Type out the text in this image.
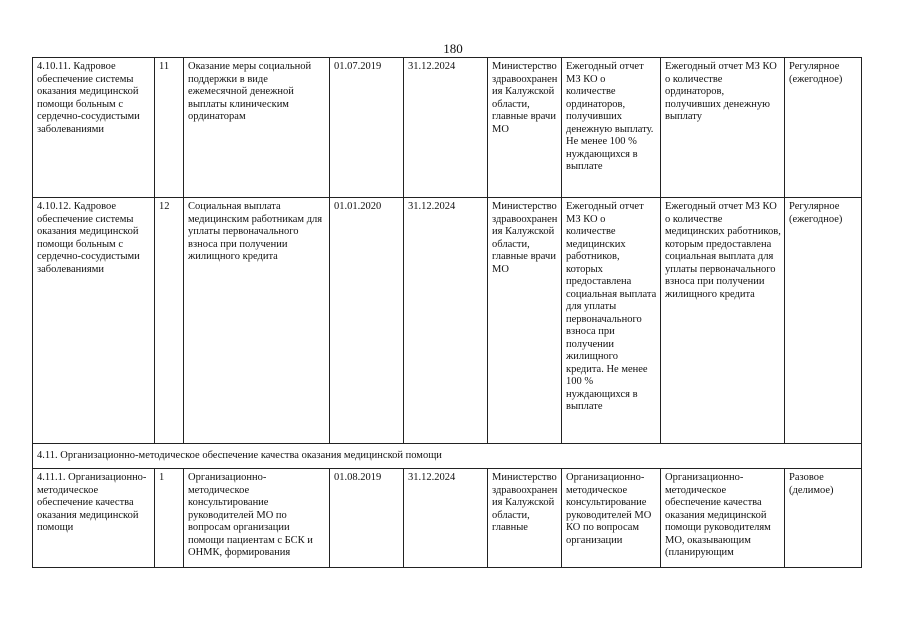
180
4.10.11. Кадровое обеспечение системы оказания медицинской помощи больным с сердечно-сосудистыми заболеваниями	11	Оказание меры социальной поддержки в виде ежемесячной денежной выплаты клиническим ординаторам	01.07.2019	31.12.2024	Министерство здравоохранения Калужской области, главные врачи МО	Ежегодный отчет МЗ КО о количестве ординаторов, получивших денежную выплату. Не менее 100 % нуждающихся в выплате	Ежегодный отчет МЗ КО о количестве ординаторов, получивших денежную выплату	Регулярное (ежегодное)
4.10.12. Кадровое обеспечение системы оказания медицинской помощи больным с сердечно-сосудистыми заболеваниями	12	Социальная выплата медицинским работникам для уплаты первоначального взноса при получении жилищного кредита	01.01.2020	31.12.2024	Министерство здравоохранения Калужской области, главные врачи МО	Ежегодный отчет МЗ КО о количестве медицинских работников, которых предоставлена социальная выплата для уплаты первоначального взноса при получении жилищного кредита. Не менее 100 % нуждающихся в выплате	Ежегодный отчет МЗ КО о количестве медицинских работников, которым предоставлена социальная выплата для уплаты первоначального взноса при получении жилищного кредита	Регулярное (ежегодное)
4.11. Организационно-методическое обеспечение качества оказания медицинской помощи								
4.11.1. Организационно-методическое обеспечение качества оказания медицинской помощи	1	Организационно-методическое консультирование руководителей МО по вопросам организации помощи пациентам с БСК и ОНМК, формирования	01.08.2019	31.12.2024	Министерство здравоохранения Калужской области, главные	Организационно-методическое консультирование руководителей МО КО по вопросам организации	Организационно-методическое обеспечение качества оказания медицинской помощи руководителям МО, оказывающим (планирующим	Разовое (делимое)
